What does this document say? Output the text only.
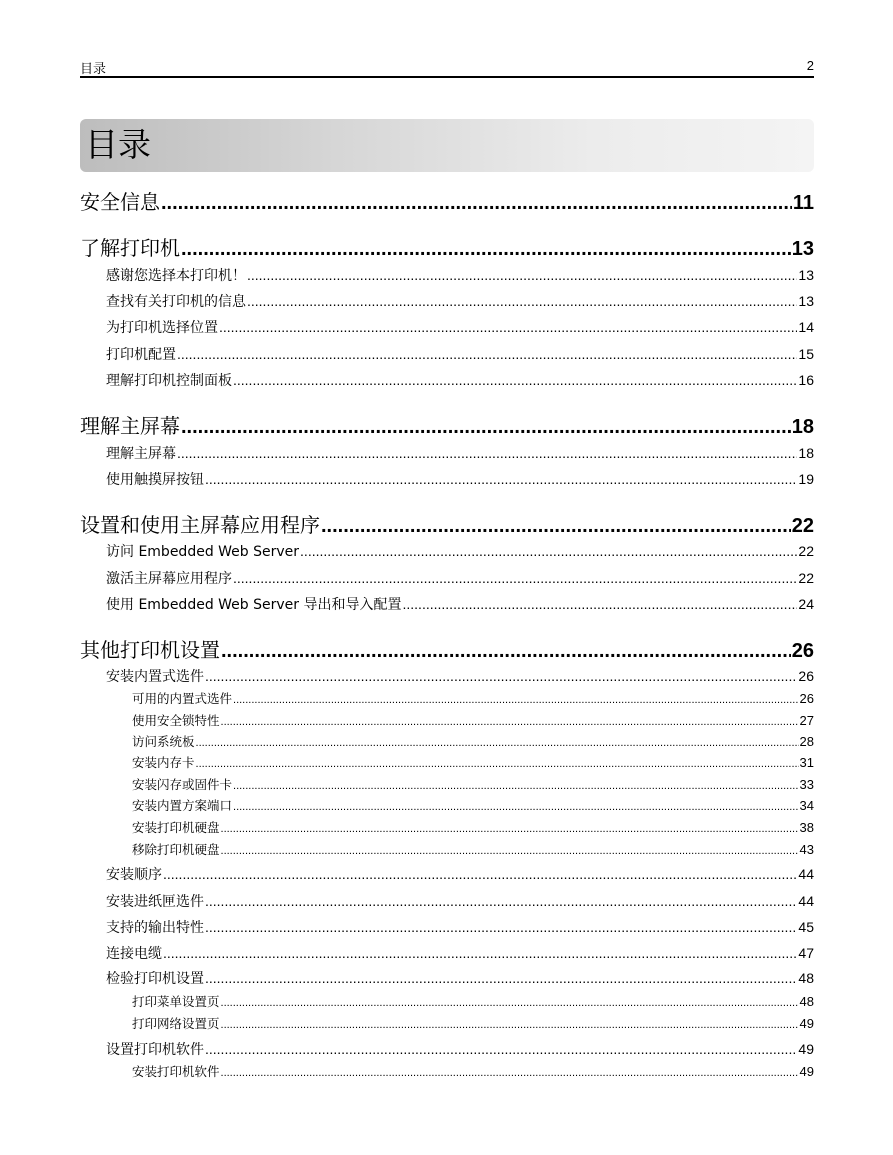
目录	2
目录
安全信息 .....	11
了解打印机 .....	13
感谢您选择本打印机！ .....	13
查找有关打印机的信息 .....	13
为打印机选择位置 .....	14
打印机配置 .....	15
理解打印机控制面板 .....	16
理解主屏幕 .....	18
理解主屏幕 .....	18
使用触摸屏按钮 .....	19
设置和使用主屏幕应用程序 .....	22
访问 Embedded Web Server .....	22
激活主屏幕应用程序 .....	22
使用 Embedded Web Server 导出和导入配置 .....	24
其他打印机设置 .....	26
安装内置式选件 .....	26
可用的内置式选件 .....	26
使用安全锁特性 .....	27
访问系统板 .....	28
安装内存卡 .....	31
安装闪存或固件卡 .....	33
安装内置方案端口 .....	34
安装打印机硬盘 .....	38
移除打印机硬盘 .....	43
安装顺序 .....	44
安装进纸匣选件 .....	44
支持的输出特性 .....	45
连接电缆 .....	47
检验打印机设置 .....	48
打印菜单设置页 .....	48
打印网络设置页 .....	49
设置打印机软件 .....	49
安装打印机软件 .....	49
